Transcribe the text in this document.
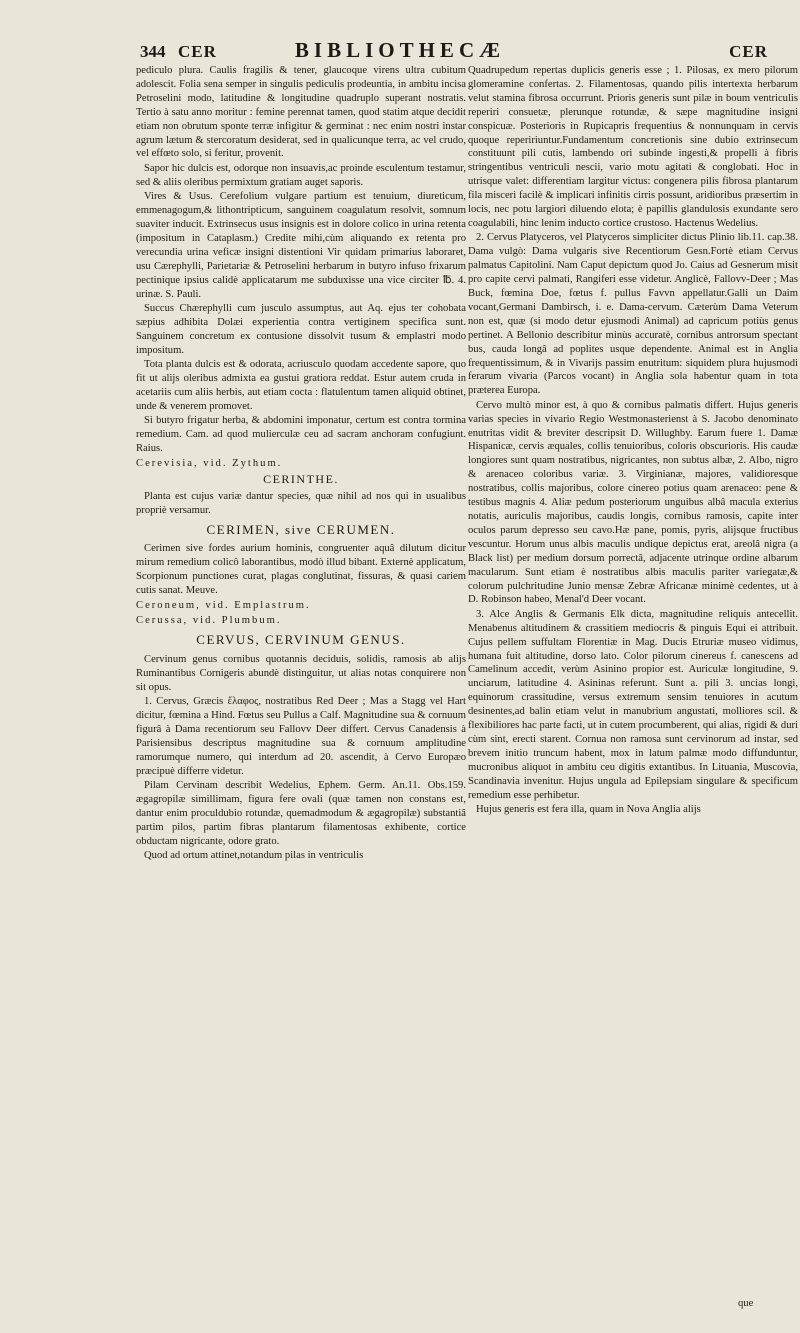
344 CER	BIBLIOTHECÆ	CER

pediculo plura. Caulis fragilis & tener, glaucoque virens ultra cubitum adolescit. Folia sena semper in singulis pediculis prodeuntia, in ambitu incisa Petroselini modo, latitudine & longitudine quadruplo superant nostratis. Tertio à satu anno moritur : femine perennat tamen, quod statim atque decidit etiam non obrutum sponte terræ infigitur & germinat : nec enim nostri instar agrum lætum & stercoratum desiderat, sed in qualicunque terra, ac vel crudo, vel effœto solo, si feritur, provenit.

Sapor hic dulcis est, odorque non insuavis,ac proinde esculentum testamur, sed & aliis oleribus permixtum gratiam auget saporis.

Vires & Usus. Cerefolium vulgare partium est tenuium, diureticum, emmenagogum,& lithontripticum, sanguinem coagulatum resolvit, somnum suaviter inducit. Extrinsecus usus insignis est in dolore colico in urina retenta (impositum in Cataplasm.) Credite mihi,cùm aliquando ex retenta pro verecundia urina veficæ insigni distentioni Vir quidam primarius laboraret, usu Cærephylli, Parietariæ & Petroselini herbarum in butyro infuso frixarum pectinique ipsius calidè applicatarum me subduxisse una vice circiter ℔. 4. urinæ. S. Pauli.

Succus Chærephylli cum jusculo assumptus, aut Aq. ejus ter cohobata sæpius adhibita Dolæi experientia contra vertiginem specifica sunt. Sanguinem concretum ex contusione dissolvit tusum & emplastri modo impositum.

Tota planta dulcis est & odorata, acriusculo quodam accedente sapore, quo fit ut alijs oleribus admixta ea gustui gratiora reddat. Estur autem cruda in acetariis cum aliis herbis, aut etiam cocta : flatulentum tamen aliquid obtinet, unde & venerem promovet.

Si butyro frigatur herba, & abdomini imponatur, certum est contra tormina remedium. Cam. ad quod mulierculæ ceu ad sacram anchoram confugiunt. Raius.

Cerevisia, vid. Zythum.

CERINTHE.

Planta est cujus variæ dantur species, quæ nihil ad nos qui in usualibus propriè versamur.

CERIMEN, sive CERUMEN.

Cerimen sive fordes aurium hominis, congruenter aquâ dilutum dicitur mirum remedium colicô laborantibus, modò illud bibant. Externè applicatum, Scorpionum punctiones curat, plagas conglutinat, fissuras, & quasi cariem cutis sanat. Meuve.

Ceroneum, vid. Emplastrum.

Cerussa, vid. Plumbum.

CERVUS, CERVINUM GENUS.

Cervinum genus cornibus quotannis deciduis, solidis, ramosis ab alijs Ruminantibus Cornigeris abundè distinguitur, ut alias notas conquirere non sit opus.

1. Cervus, Græcis ἔλαφος, nostratibus Red Deer ; Mas a Stagg vel Hart dicitur, fœmina a Hind. Fœtus seu Pullus a Calf. Magnitudine sua & cornuum figurâ à Dama recentiorum seu Fallovv Deer differt. Cervus Canadensis à Parisiensibus descriptus magnitudine sua & cornuum amplitudine ramorumque numero, qui interdum ad 20. ascendit, à Cervo Europæo præcipuè differre videtur.

Pilam Cervinam describit Wedelius, Ephem. Germ. An.11. Obs.159. ægagropilæ simillimam, figura fere ovali (quæ tamen non constans est, dantur enim proculdubio rotundæ, quemadmodum & ægagropilæ) substantiâ partim pilos, partim fibras plantarum filamentosas exhibente, cortice obductam nigricante, odore grato.

Quod ad ortum attinet,notandum pilas in ventriculis

Quadrupedum repertas duplicis generis esse ; 1. Pilosas, ex mero pilorum glomeramine confertas. 2. Filamentosas, quando pilis intertexta herbarum velut stamina fibrosa occurrunt. Prioris generis sunt pilæ in boum ventriculis reperiri consuetæ, plerunque rotundæ, & sæpe magnitudine insigni conspicuæ. Posterioris in Rupicapris frequentius & nonnunquam in cervis quoque repeririuntur.Fundamentum concretionis sine dubio extrinsecum constituunt pili cutis, lambendo ori subinde ingesti,& propelli à fibris stringentibus ventriculi nescii, vario motu agitati & conglobati. Hoc in utrisque valet: differentiam largitur victus: congenera pilis fibrosa plantarum fila miscerì facilè & implicari infinitis cirris possunt, aridioribus præsertim in locis, nec potu largiori diluendo elota; è papillis glandulosis exundante sero coagulabili, hinc lenim inducto cortice crustoso. Hactenus Wedelius.

2. Cervus Platyceros, vel Platyceros simpliciter dictus Plinio lib.11. cap.38. Dama vulgò: Dama vulgaris sive Recentiorum Gesn.Fortè etiam Cervus palmatus Capitolini. Nam Caput depictum quod Jo. Caius ad Gesnerum misit pro capite cervi palmati, Rangiferi esse videtur. Anglicè, Fallovv-Deer ; Mas Buck, fœmina Doe, fœtus f. pullus Favvn appellatur.Galli un Daim vocant,Germani Dambirsch, i. e. Dama-cervum. Cæterùm Dama Veterum non est, quæ (si modo detur ejusmodi Animal) ad capricum potiùs genus pertinet. A Bellonio describitur minùs accuratè, cornibus antrorsum spectant bus, cauda longâ ad poplites usque dependente. Animal est in Anglia frequentissimum, & in Vivarijs passim enutritum: siquidem plura hujusmodi ferarum vivaria (Parcos vocant) in Anglia sola habentur quam in tota præterea Europa.

Cervo multò minor est, à quo & cornibus palmatis differt. Hujus generis varias species in vivario Regio Westmonasterienst à S. Jacobo denominato enutritas vidit & breviter descripsit D. Willughby. Earum fuere 1. Damæ Hispanicæ, cervis æquales, collis tenuioribus, coloris obscurioris. His caudæ longiores sunt quam nostratibus, nigricantes, non subtus albæ, 2. Albo, nigro & arenaceo coloribus variæ. 3. Virginianæ, majores, validioresque nostratibus, collis majoribus, colore cinereo potius quam arenaceo: pene & testibus magnis 4. Aliæ pedum posteriorum unguibus albâ macula exterius notatis, auriculis majoribus, caudis longis, cornibus ramosis, capite inter oculos parum depresso seu cavo.Hæ pane, pomis, pyris, alijsque fructibus vescuntur. Horum unus albis maculis undique depictus erat, areolâ nigra (a Black list) per medium dorsum porrectâ, adjacente utrinque ordine albarum macularum. Sunt etiam è nostratibus albis maculis pariter variegatæ,& colorum pulchritudine Junio mensæ Zebræ Africanæ minimè cedentes, ut à D. Robinson habeo, Menal'd Deer vocant.

3. Alce Anglis & Germanis Elk dicta, magnitudine reliquis antecellit. Menabenus altitudinem & crassitiem mediocris & pinguis Equi ei attribuit. Cujus pellem suffultam Florentiæ in Mag. Ducis Etruriæ museo vidimus, humana fuit altitudine, dorso lato. Color pilorum cinereus f. canescens ad Camelinum accedit, verùm Asinino propior est. Auriculæ longitudine, 9. unciarum, latitudine 4. Asininas referunt. Sunt a. pili 3. uncias longi, equinorum crassitudine, versus extremum sensim tenuiores in acutum desinentes,ad balin etiam velut in manubrium angustati, molliores scil. & flexibiliores hac parte facti, ut in cutem procumberent, qui alias, rigidi & duri cùm sint, erecti starent. Cornua non ramosa sunt cervinorum ad instar, sed brevem initio truncum habent, mox in latum palmæ modo diffunduntur, mucronibus aliquot in ambitu ceu digitis extantibus. In Lituania, Muscovia, Scandinavia invenitur. Hujus ungula ad Epilepsiam singulare & specificum remedium esse perhibetur.

Hujus generis est fera illa, quam in Nova Anglia alijs

que
